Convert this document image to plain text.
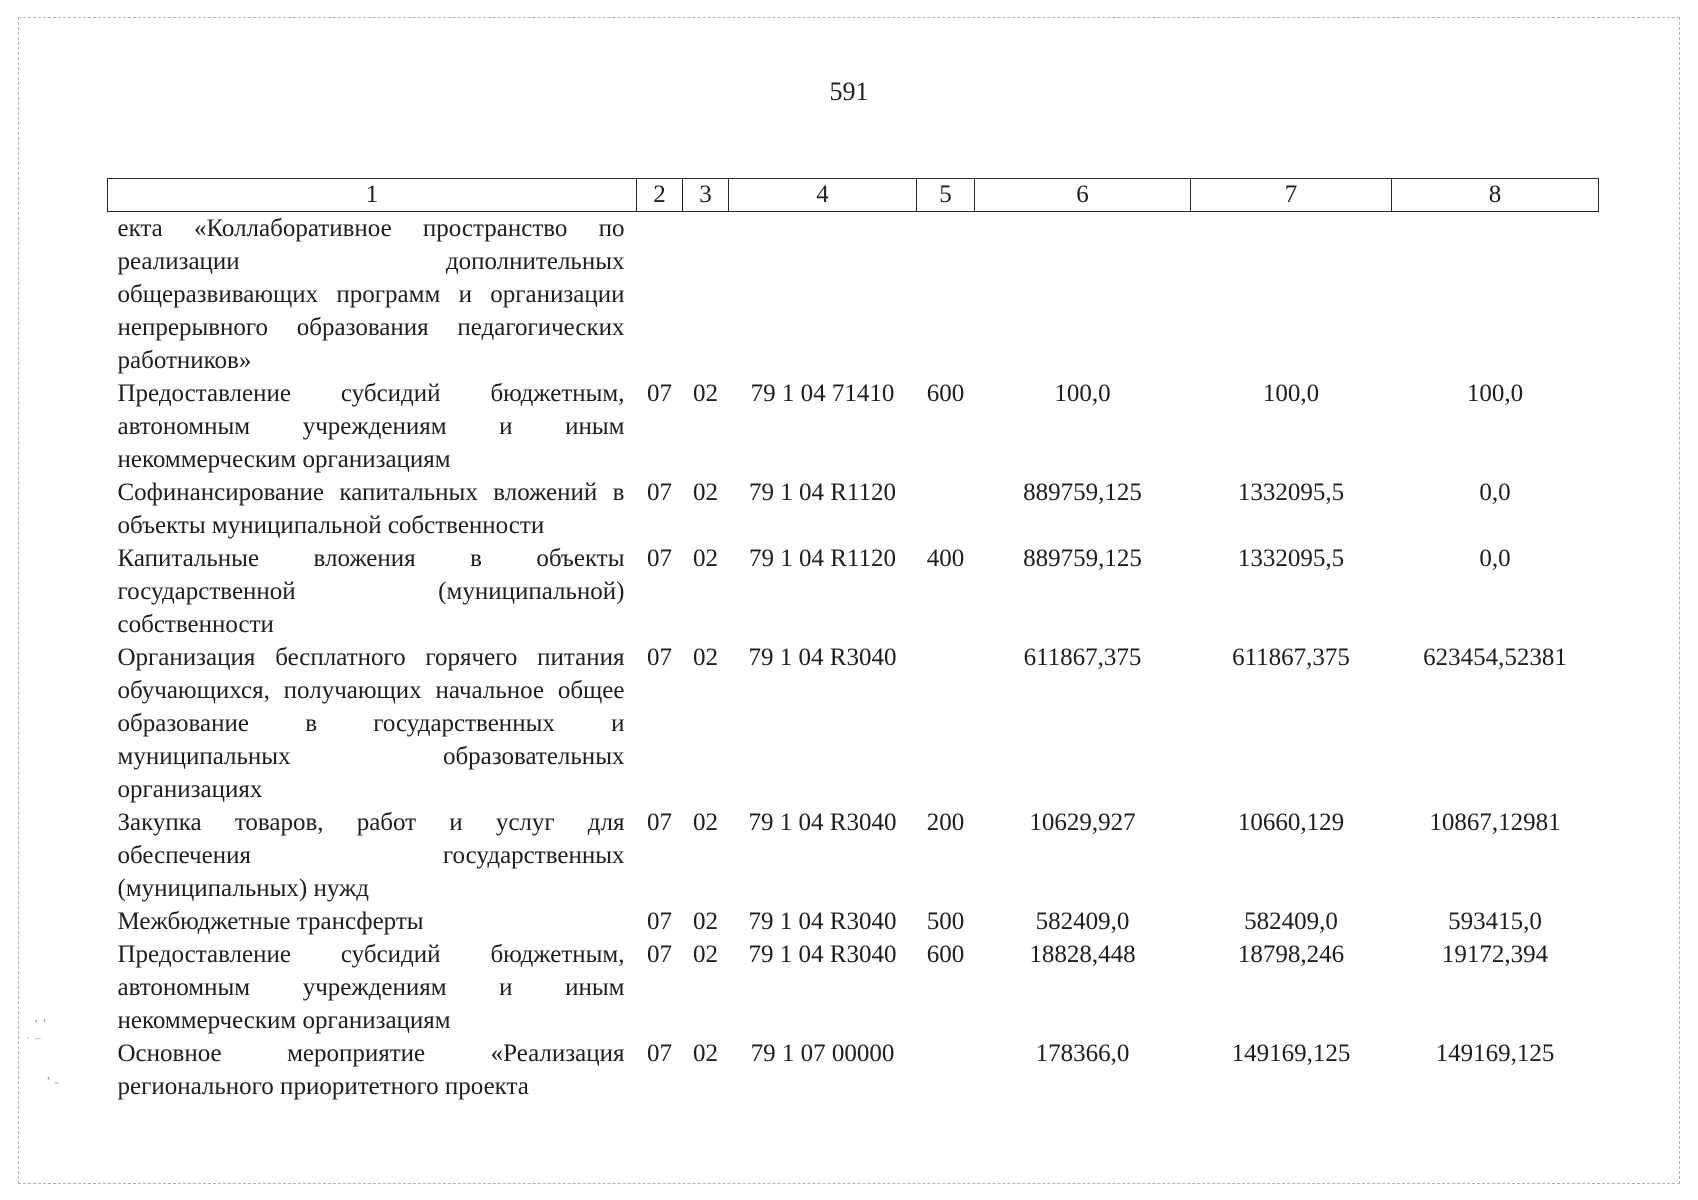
591
1	2	3	4	5	6	7	8
екта «Коллаборативное пространство по реализации дополнительных общеразвивающих программ и организации непрерывного образования педагогических работников»							
Предоставление субсидий бюджетным, автономным учреждениям и иным некоммерческим организациям	07	02	79 1 04 71410	600	100,0	100,0	100,0
Софинансирование капитальных вложений в объекты муниципальной собственности	07	02	79 1 04 R1120		889759,125	1332095,5	0,0
Капитальные вложения в объекты государственной (муниципальной) собственности	07	02	79 1 04 R1120	400	889759,125	1332095,5	0,0
Организация бесплатного горячего питания обучающихся, получающих начальное общее образование в государственных и муниципальных образовательных организациях	07	02	79 1 04 R3040		611867,375	611867,375	623454,52381
Закупка товаров, работ и услуг для обеспечения государственных (муниципальных) нужд	07	02	79 1 04 R3040	200	10629,927	10660,129	10867,12981
Межбюджетные трансферты	07	02	79 1 04 R3040	500	582409,0	582409,0	593415,0
Предоставление субсидий бюджетным, автономным учреждениям и иным некоммерческим организациям	07	02	79 1 04 R3040	600	18828,448	18798,246	19172,394
Основное мероприятие «Реализация регионального приоритетного проекта	07	02	79 1 07 00000		178366,0	149169,125	149169,125
ʻ ʼ
˙ ⁻
ʼ -
